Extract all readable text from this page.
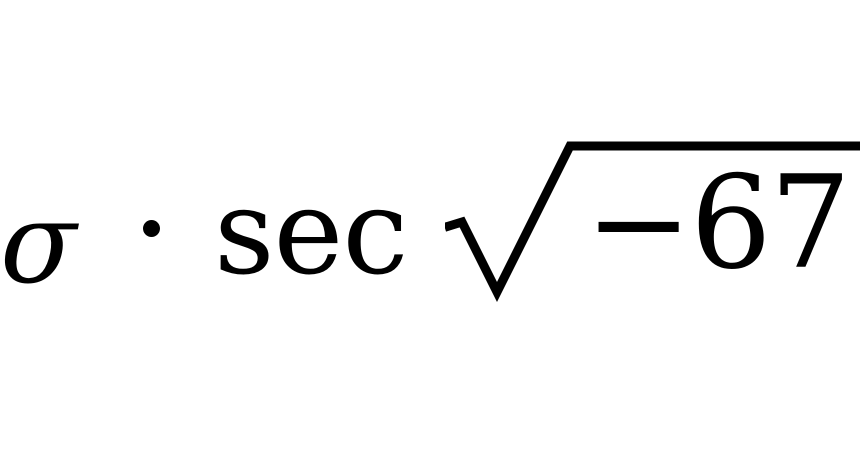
σ sec −67
